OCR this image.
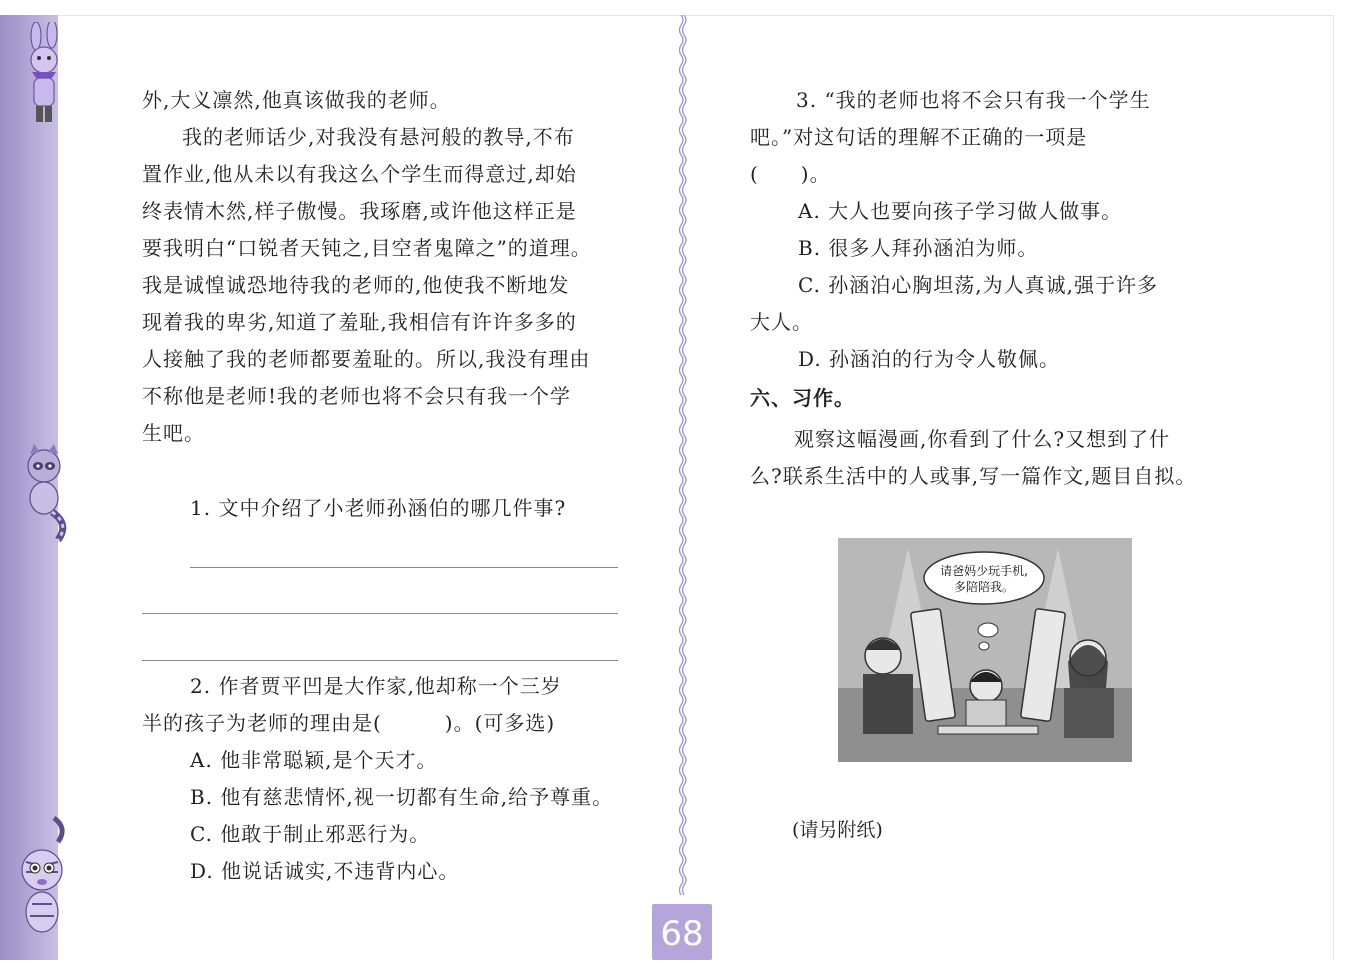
外,大义凛然,他真该做我的老师。

我的老师话少,对我没有悬河般的教导,不布

置作业,他从未以有我这么个学生而得意过,却始

终表情木然,样子傲慢。我琢磨,或许他这样正是

要我明白“口锐者天钝之,目空者鬼障之”的道理。

我是诚惶诚恐地待我的老师的,他使我不断地发

现着我的卑劣,知道了羞耻,我相信有许许多多的

人接触了我的老师都要羞耻的。所以,我没有理由

不称他是老师!我的老师也将不会只有我一个学

生吧。

1. 文中介绍了小老师孙涵伯的哪几件事?

2. 作者贾平凹是大作家,他却称一个三岁

半的孩子为老师的理由是(　　　)。(可多选)

A. 他非常聪颖,是个天才。

B. 他有慈悲情怀,视一切都有生命,给予尊重。

C. 他敢于制止邪恶行为。

D. 他说话诚实,不违背内心。

3. “我的老师也将不会只有我一个学生

吧。”对这句话的理解不正确的一项是

(　　)。

A. 大人也要向孩子学习做人做事。

B. 很多人拜孙涵泊为师。

C. 孙涵泊心胸坦荡,为人真诚,强于许多

大人。

D. 孙涵泊的行为令人敬佩。

六、习作。

观察这幅漫画,你看到了什么?又想到了什

么?联系生活中的人或事,写一篇作文,题目自拟。

请爸妈少玩手机,
多陪陪我。

(请另附纸)

68
